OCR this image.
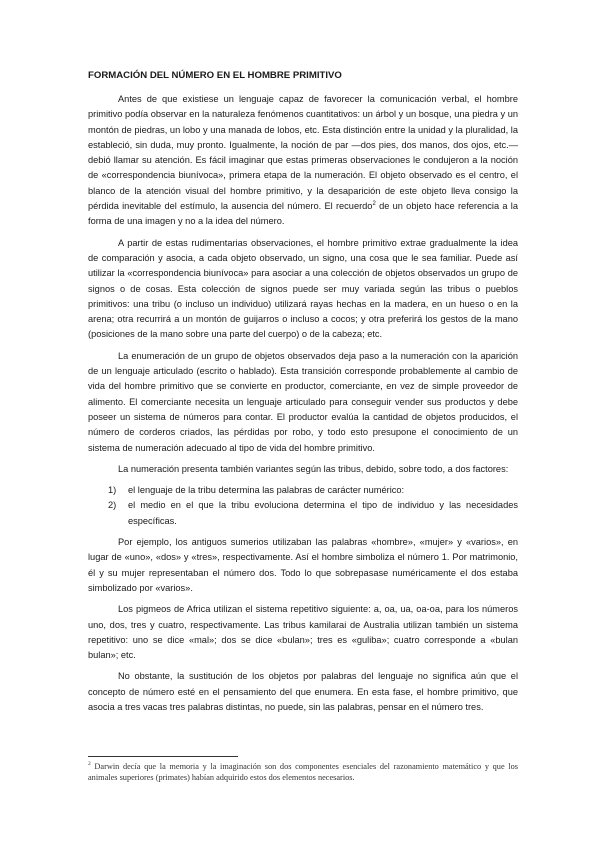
FORMACIÓN DEL NÚMERO EN EL HOMBRE PRIMITIVO

Antes de que existiese un lenguaje capaz de favorecer la comunicación verbal, el hombre primitivo podía observar en la naturaleza fenómenos cuantitativos: un árbol y un bosque, una piedra y un montón de piedras, un lobo y una manada de lobos, etc. Esta distinción entre la unidad y la pluralidad, la estableció, sin duda, muy pronto. Igualmente, la noción de par —dos pies, dos manos, dos ojos, etc.— debió llamar su atención. Es fácil imaginar que estas primeras observaciones le condujeron a la noción de «correspondencia biunívoca», primera etapa de la numeración. El objeto observado es el centro, el blanco de la atención visual del hombre primitivo, y la desaparición de este objeto lleva consigo la pérdida inevitable del estímulo, la ausencia del número. El recuerdo$^2$ de un objeto hace referencia a la forma de una imagen y no a la idea del número.

A partir de estas rudimentarias observaciones, el hombre primitivo extrae gradualmente la idea de comparación y asocia, a cada objeto observado, un signo, una cosa que le sea familiar. Puede así utilizar la «correspondencia biunívoca» para asociar a una colección de objetos observados un grupo de signos o de cosas. Esta colección de signos puede ser muy variada según las tribus o pueblos primitivos: una tribu (o incluso un individuo) utilizará rayas hechas en la madera, en un hueso o en la arena; otra recurrirá a un montón de guijarros o incluso a cocos; y otra preferirá los gestos de la mano (posiciones de la mano sobre una parte del cuerpo) o de la cabeza; etc.

La enumeración de un grupo de objetos observados deja paso a la numeración con la aparición de un lenguaje articulado (escrito o hablado). Esta transición corresponde probablemente al cambio de vida del hombre primitivo que se convierte en productor, comerciante, en vez de simple proveedor de alimento. El comerciante necesita un lenguaje articulado para conseguir vender sus productos y debe poseer un sistema de números para contar. El productor evalúa la cantidad de objetos producidos, el número de corderos criados, las pérdidas por robo, y todo esto presupone el conocimiento de un sistema de numeración adecuado al tipo de vida del hombre primitivo.

La numeración presenta también variantes según las tribus, debido, sobre todo, a dos factores:

1) el lenguaje de la tribu determina las palabras de carácter numérico:
2) el medio en el que la tribu evoluciona determina el tipo de individuo y las necesidades específicas.

Por ejemplo, los antiguos sumerios utilizaban las palabras «hombre», «mujer» y «varios», en lugar de «uno», «dos» y «tres», respectivamente. Así el hombre simboliza el número 1. Por matrimonio, él y su mujer representaban el número dos. Todo lo que sobrepasase numéricamente el dos estaba simbolizado por «varios».

Los pigmeos de Africa utilizan el sistema repetitivo siguiente: a, oa, ua, oa-oa, para los números uno, dos, tres y cuatro, respectivamente. Las tribus kamilarai de Australia utilizan también un sistema repetitivo: uno se dice «mal»; dos se dice «bulan»; tres es «guliba»; cuatro corresponde a «bulan bulan»; etc.

No obstante, la sustitución de los objetos por palabras del lenguaje no significa aún que el concepto de número esté en el pensamiento del que enumera. En esta fase, el hombre primitivo, que asocia a tres vacas tres palabras distintas, no puede, sin las palabras, pensar en el número tres.

$^2$ Darwin decía que la memoria y la imaginación son dos componentes esenciales del razonamiento matemático y que los animales superiores (primates) habían adquirido estos dos elementos necesarios.
